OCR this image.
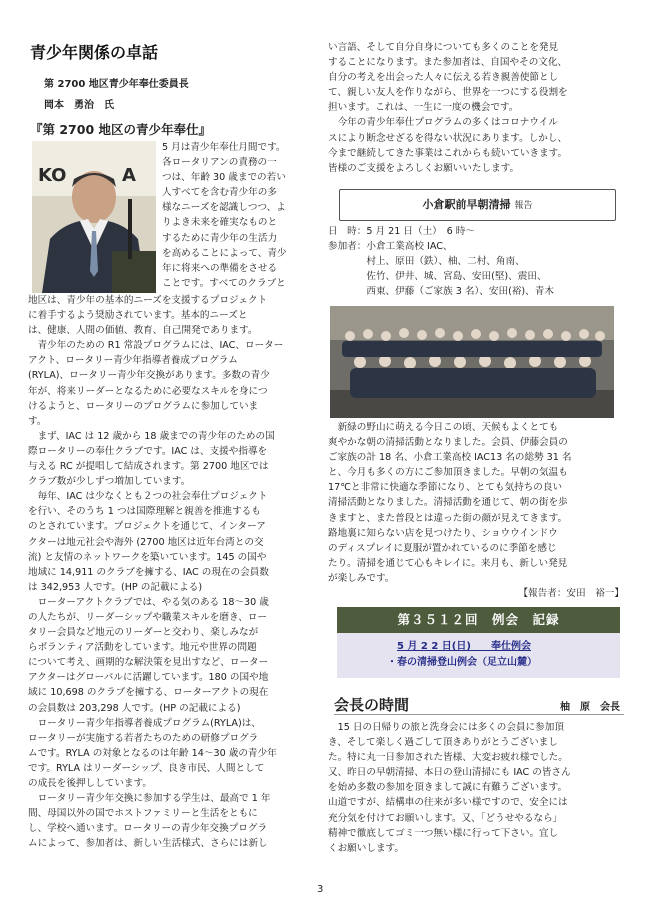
青少年関係の卓話

第 2700 地区青少年奉仕委員長

岡本　勇治　氏

『第 2700 地区の青少年奉仕』

KO	A

5 月は青少年奉仕月間です。

各ロータリアンの責務の一

つは、年齢 30 歳までの若い

人すべてを含む青少年の多

様なニーズを認識しつつ、よ

りよき未来を確実なものと

するために青少年の生活力

を高めることによって、青少

年に将来への準備をさせる

ことです。すべてのクラブと

地区は、青少年の基本的ニーズを支援するプロジェクト

に着手するよう奨励されています。基本的ニーズと

は、健康、人間の価値、教育、自己開発であります。

　青少年のための R1 常設プログラムには、IAC、ローター

アクト、ロータリー青少年指導者養成プログラム

(RYLA)、ロータリー青少年交換があります。多数の青少

年が、将来リーダーとなるために必要なスキルを身につ

けるようと、ロータリーのプログラムに参加していま

す。

　まず、IAC は 12 歳から 18 歳までの青少年のための国

際ロータリーの奉仕クラブです。IAC は、支援や指導を

与える RC が提唱して結成されます。第 2700 地区では

クラブ数が少しずつ増加しています。

　毎年、IAC は少なくとも２つの社会奉仕プロジェクト

を行い、そのうち 1 つは国際理解と親善を推進するも

のとされています。プロジェクトを通じて、インターア

クターは地元社会や海外 (2700 地区は近年台湾との交

流) と友情のネットワークを築いています。145 の国や

地域に 14,911 のクラブを擁する、IAC の現在の会員数

は 342,953 人です。(HP の記載による)

　ローターアクトクラブでは、やる気のある 18～30 歳

の人たちが、リーダーシップや職業スキルを磨き、ロー

タリー会員など地元のリーダーと交わり、楽しみなが

らボランティア活動をしています。地元や世界の問題

について考え、画期的な解決策を見出すなど、ローター

アクターはグローバルに活躍しています。180 の国や地

域に 10,698 のクラブを擁する、ローターアクトの現在

の会員数は 203,298 人です。(HP の記載による)

　ロータリー青少年指導者養成プログラム(RYLA)は、

ロータリーが実施する若者たちのための研修プログラ

ムです。RYLA の対象となるのは年齢 14～30 歳の青少年

です。RYLA はリーダーシップ、良き市民、人間として

の成長を後押ししています。

　ロータリー青少年交換に参加する学生は、最高で 1 年

間、母国以外の国でホストファミリーと生活をともに

し、学校へ通います。ロータリーの青少年交換プログラ

ムによって、参加者は、新しい生活様式、さらには新し

い言語、そして自分自身についても多くのことを発見

することになります。また参加者は、自国やその文化、

自分の考えを出会った人々に伝える若き親善使節とし

て、親しい友人を作りながら、世界を一つにする役割を

担います。これは、一生に一度の機会です。

　今年の青少年奉仕プログラムの多くはコロナウイル

スにより断念せざるを得ない状況にあります。しかし、

今まで継続してきた事業はこれからも続いていきます。

皆様のご支援をよろしくお願いいたします。

小倉駅前早朝清掃 報告

日　時：5 月 21 日（土）　6 時～

参加者：小倉工業高校 IAC、

　　　　村上、原田（鉄）、柚、二村、角南、

　　　　佐竹、伊井、城、宮島、安田(堅)、震田、

　　　　西東、伊藤（ご家族 3 名）、安田(裕)、青木

　新緑の野山に萌える今日この頃、天候もよくとても

爽やかな朝の清掃活動となりました。会員、伊藤会員の

ご家族の計 18 名、小倉工業高校 IAC13 名の総勢 31 名

と、今月も多くの方にご参加頂きました。早朝の気温も

17℃と非常に快適な季節になり、とても気持ちの良い

清掃活動となりました。清掃活動を通じて、朝の街を歩

きますと、また普段とは違った街の顔が見えてきます。

路地裏に知らない店を見つけたり、ショウウインドウ

のディスプレイに夏服が置かれているのに季節を感じ

たり。清掃を通じて心もキレイに。来月も、新しい発見

が楽しみです。

【報告者：安田　裕一】

第３５１２回　例会　記録
5 月 2 2 日(日)　　奉仕例会
・春の清掃登山例会（足立山麓）
会長の時間	柚　原　会長

　15 日の日帰りの旅と洗身会には多くの会員に参加頂

き、そして楽しく過ごして頂きありがとうございまし

た。特に丸一日参加された皆様、大変お疲れ様でした。

又、昨日の早朝清掃、本日の登山清掃にも IAC の皆さん

を始め多数の参加を頂きまして誠に有難うございます。

山道ですが、結構車の往来が多い様ですので、安全には

充分気を付けてお願いします。又、「どうせやるなら」

精神で徹底してゴミ一つ無い様に行って下さい。宜し

くお願いします。

3
